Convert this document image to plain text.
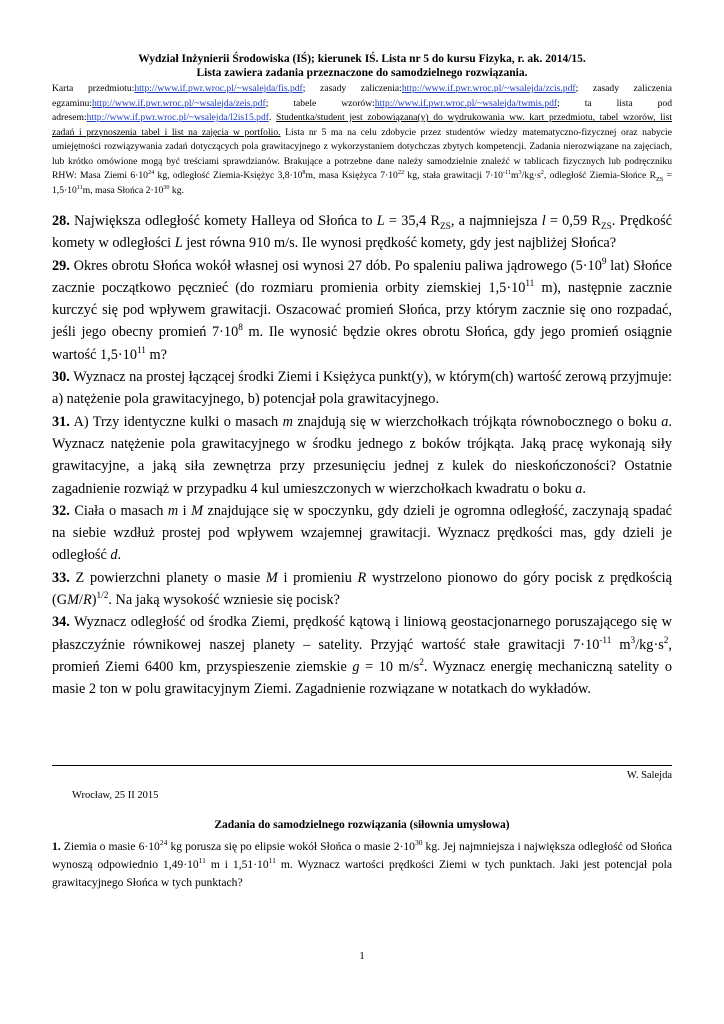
Wydział Inżynierii Środowiska (IŚ); kierunek IŚ. Lista nr 5 do kursu Fizyka, r. ak. 2014/15.
Lista zawiera zadania przeznaczone do samodzielnego rozwiązania.
Karta przedmiotu:http://www.if.pwr.wroc.pl/~wsalejda/fis.pdf; zasady zaliczenia:http://www.if.pwr.wroc.pl/~wsalejda/zcis.pdf; zasady zaliczenia egzaminu:http://www.if.pwr.wroc.pl/~wsalejda/zeis.pdf; tabele wzorów:http://www.if.pwr.wroc.pl/~wsalejda/twmis.pdf; ta lista pod adresem:http://www.if.pwr.wroc.pl/~wsalejda/l2is15.pdf. Studentka/student jest zobowiązana(y) do wydrukowania ww. kart przedmiotu, tabel wzorów, list zadań i przynoszenia tabel i list na zajęcia w portfolio. Lista nr 5 ma na celu zdobycie przez studentów wiedzy matematyczno-fizycznej oraz nabycie umiejętności rozwiązywania zadań dotyczących pola grawitacyjnego z wykorzystaniem dotychczas zbytych kompetencji. Zadania nierozwiązane na zajęciach, lub krótko omówione mogą być treściami sprawdzianów. Brakujące a potrzebne dane należy samodzielnie znaleźć w tablicach fizycznych lub podręczniku RHW: Masa Ziemi $6\cdot 10^{24}$ kg, odległość Ziemia-Księżyc $3,8\cdot 10^8m$, masa Księżyca $7\cdot 10^{22}$ kg, stała grawitacji $7\cdot 10^{-11}m^3/kg\cdot s^2$, odległość Ziemia-Słońce $R_{ZS} = 1,5\cdot 10^{11}m$, masa Słońca $2\cdot 10^{30}$ kg.

28. Największa odległość komety Halleya od Słońca to L = 35,4 $R_{ZS}$, a najmniejsza l = 0,59 $R_{ZS}$. Prędkość komety w odległości L jest równa 910 m/s. Ile wynosi prędkość komety, gdy jest najbliżej Słońca?

29. Okres obrotu Słońca wokół własnej osi wynosi 27 dób. Po spaleniu paliwa jądrowego ($5\cdot 10^9$ lat) Słońce zacznie początkowo pęcznieć (do rozmiaru promienia orbity ziemskiej $1,5\cdot 10^{11}$ m), następnie zacznie kurczyć się pod wpływem grawitacji. Oszacować promień Słońca, przy którym zacznie się ono rozpadać, jeśli jego obecny promień $7\cdot 10^8$ m. Ile wynosić będzie okres obrotu Słońca, gdy jego promień osiągnie wartość $1,5\cdot 10^{11}$ m?

30. Wyznacz na prostej łączącej środki Ziemi i Księżyca punkt(y), w którym(ch) wartość zerową przyjmuje: a) natężenie pola grawitacyjnego, b) potencjał pola grawitacyjnego.

31. A) Trzy identyczne kulki o masach m znajdują się w wierzchołkach trójkąta równobocznego o boku a. Wyznacz natężenie pola grawitacyjnego w środku jednego z boków trójkąta. Jaką pracę wykonają siły grawitacyjne, a jaką siła zewnętrza przy przesunięciu jednej z kulek do nieskończoności? Ostatnie zagadnienie rozwiąż w przypadku 4 kul umieszczonych w wierzchołkach kwadratu o boku a.

32. Ciała o masach m i M znajdujące się w spoczynku, gdy dzieli je ogromna odległość, zaczynają spadać na siebie wzdłuż prostej pod wpływem wzajemnej grawitacji. Wyznacz prędkości mas, gdy dzieli je odległość d.

33. Z powierzchni planety o masie M i promieniu R wystrzelono pionowo do góry pocisk z prędkością $(GM/R)^{1/2}$. Na jaką wysokość wzniesie się pocisk?

34. Wyznacz odległość od środka Ziemi, prędkość kątową i liniową geostacjonarnego poruszającego się w płaszczyźnie równikowej naszej planety – satelity. Przyjąć wartość stałe grawitacji $7\cdot 10^{-11}$ $m^3/kg\cdot s^2$, promień Ziemi 6400 km, przyspieszenie ziemskie g = 10 $m/s^2$. Wyznacz energię mechaniczną satelity o masie 2 ton w polu grawitacyjnym Ziemi. Zagadnienie rozwiązane w notatkach do wykładów.

W. Salejda
Wrocław, 25 II 2015
Zadania do samodzielnego rozwiązania (siłownia umysłowa)
1. Ziemia o masie $6\cdot 10^{24}$ kg porusza się po elipsie wokół Słońca o masie $2\cdot 10^{30}$ kg. Jej najmniejsza i największa odległość od Słońca wynoszą odpowiednio $1,49\cdot 10^{11}$ m i $1,51\cdot 10^{11}$ m. Wyznacz wartości prędkości Ziemi w tych punktach. Jaki jest potencjał pola grawitacyjnego Słońca w tych punktach?
1
